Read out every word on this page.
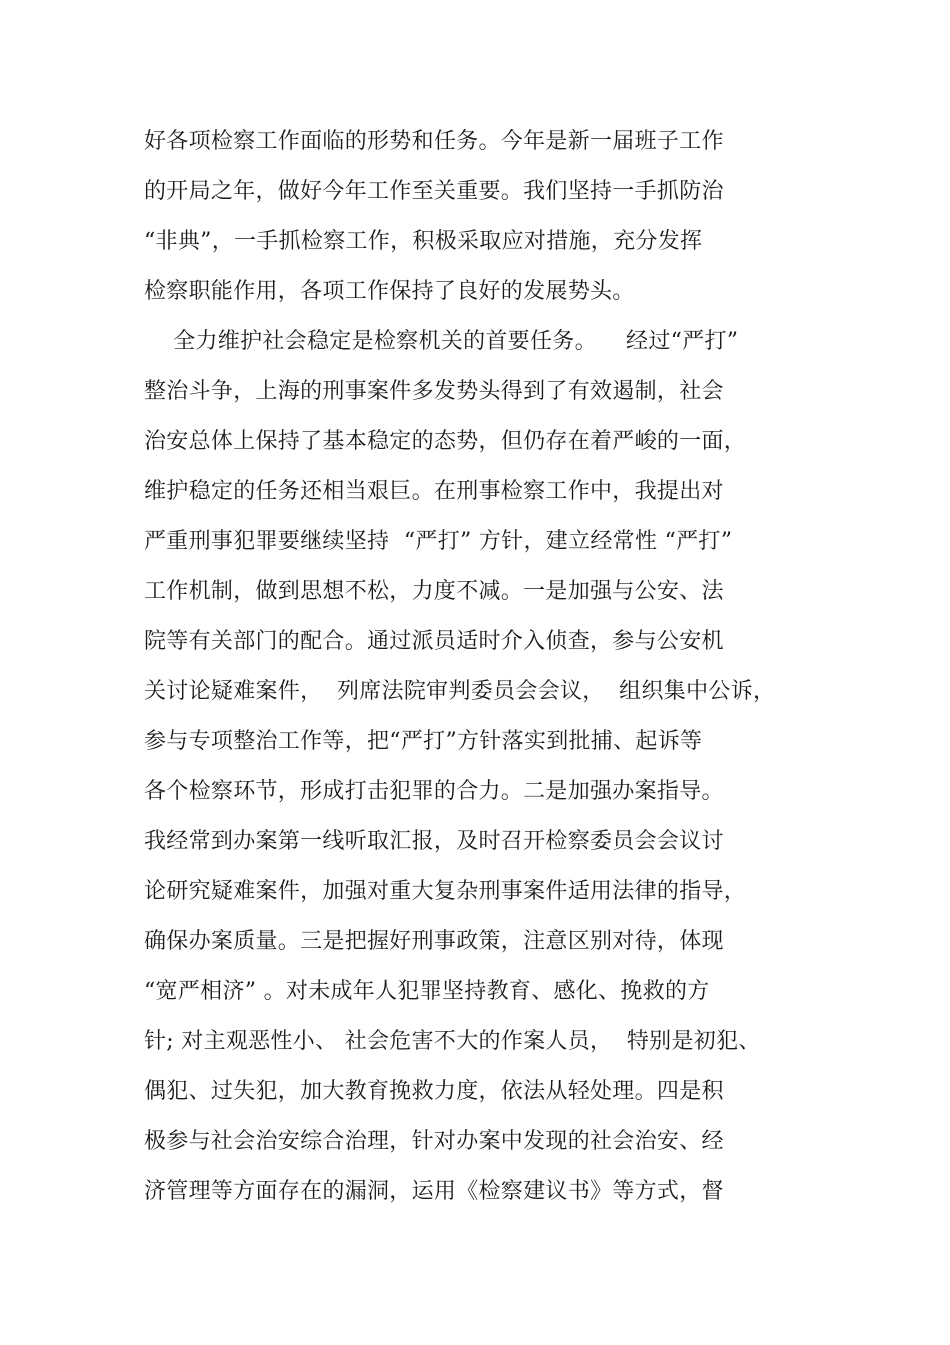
好各项检察工作面临的形势和任务。今年是新一届班子工作
的开局之年，做好今年工作至关重要。我们坚持一手抓防治
“非典”，一手抓检察工作，积极采取应对措施，充分发挥
检察职能作用，各项工作保持了良好的发展势头。
全力维护社会稳定是检察机关的首要任务。    经过“严打”
整治斗争，上海的刑事案件多发势头得到了有效遏制，社会
治安总体上保持了基本稳定的态势，但仍存在着严峻的一面，
维护稳定的任务还相当艰巨。在刑事检察工作中，我提出对
严重刑事犯罪要继续坚持  “严打” 方针，建立经常性 “严打”
工作机制，做到思想不松，力度不减。一是加强与公安、法
院等有关部门的配合。通过派员适时介入侦查，参与公安机
关讨论疑难案件，  列席法院审判委员会会议，  组织集中公诉，
参与专项整治工作等，把“严打”方针落实到批捕、起诉等
各个检察环节，形成打击犯罪的合力。二是加强办案指导。
我经常到办案第一线听取汇报，及时召开检察委员会会议讨
论研究疑难案件，加强对重大复杂刑事案件适用法律的指导，
确保办案质量。三是把握好刑事政策，注意区别对待，体现
“宽严相济” 。对未成年人犯罪坚持教育、感化、挽救的方
针; 对主观恶性小、 社会危害不大的作案人员，  特别是初犯、
偶犯、过失犯，加大教育挽救力度，依法从轻处理。四是积
极参与社会治安综合治理，针对办案中发现的社会治安、经
济管理等方面存在的漏洞，运用《检察建议书》等方式，督
